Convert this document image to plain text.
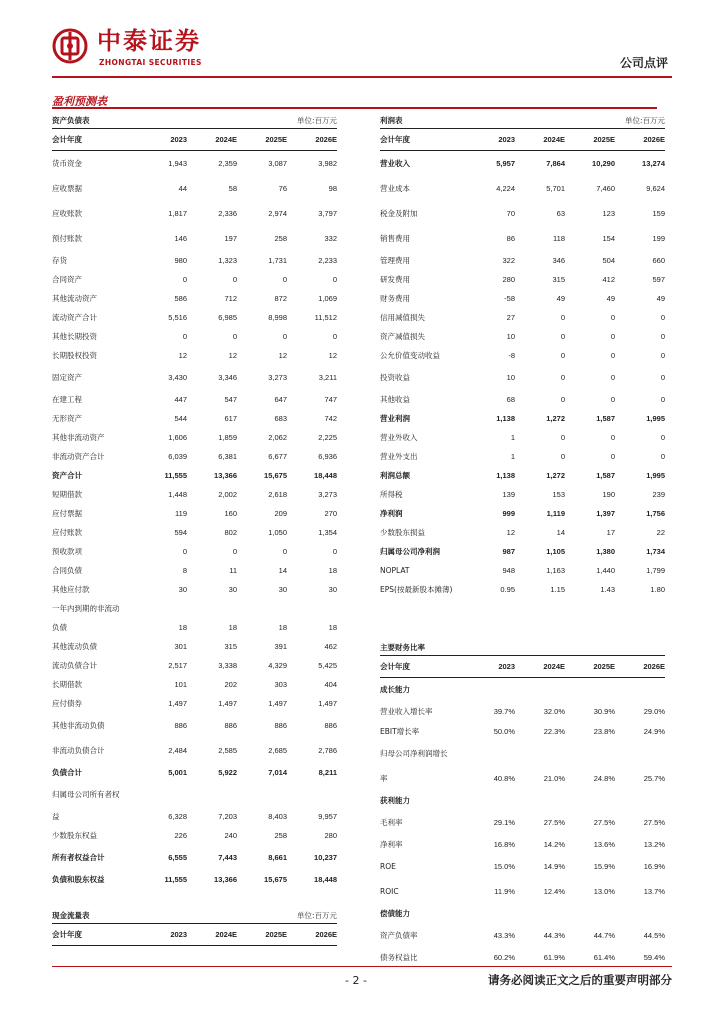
中泰证券
ZHONGTAI SECURITIES	公司点评
盈利预测表
资产负债表	单位:百万元
会计年度	2023	2024E	2025E	2026E
货币资金	1,943	2,359	3,087	3,982
应收票据	44	58	76	98
应收账款	1,817	2,336	2,974	3,797
预付账款	146	197	258	332
存货	980	1,323	1,731	2,233
合同资产	0	0	0	0
其他流动资产	586	712	872	1,069
流动资产合计	5,516	6,985	8,998	11,512
其他长期投资	0	0	0	0
长期股权投资	12	12	12	12
固定资产	3,430	3,346	3,273	3,211
在建工程	447	547	647	747
无形资产	544	617	683	742
其他非流动资产	1,606	1,859	2,062	2,225
非流动资产合计	6,039	6,381	6,677	6,936
资产合计	11,555	13,366	15,675	18,448
短期借款	1,448	2,002	2,618	3,273
应付票据	119	160	209	270
应付账款	594	802	1,050	1,354
预收款项	0	0	0	0
合同负债	8	11	14	18
其他应付款	30	30	30	30
一年内到期的非流动
负债	18	18	18	18
其他流动负债	301	315	391	462
流动负债合计	2,517	3,338	4,329	5,425
长期借款	101	202	303	404
应付债券	1,497	1,497	1,497	1,497
其他非流动负债	886	886	886	886
非流动负债合计	2,484	2,585	2,685	2,786
负债合计	5,001	5,922	7,014	8,211
归属母公司所有者权
益	6,328	7,203	8,403	9,957
少数股东权益	226	240	258	280
所有者权益合计	6,555	7,443	8,661	10,237
负债和股东权益	11,555	13,366	15,675	18,448
现金流量表	单位:百万元
会计年度	2023	2024E	2025E	2026E
利润表	单位:百万元
会计年度	2023	2024E	2025E	2026E
营业收入	5,957	7,864	10,290	13,274
营业成本	4,224	5,701	7,460	9,624
税金及附加	70	63	123	159
销售费用	86	118	154	199
管理费用	322	346	504	660
研发费用	280	315	412	597
财务费用	-58	49	49	49
信用减值损失	27	0	0	0
资产减值损失	10	0	0	0
公允价值变动收益	-8	0	0	0
投资收益	10	0	0	0
其他收益	68	0	0	0
营业利润	1,138	1,272	1,587	1,995
营业外收入	1	0	0	0
营业外支出	1	0	0	0
利润总额	1,138	1,272	1,587	1,995
所得税	139	153	190	239
净利润	999	1,119	1,397	1,756
少数股东损益	12	14	17	22
归属母公司净利润	987	1,105	1,380	1,734
NOPLAT	948	1,163	1,440	1,799
EPS(按最新股本摊薄)	0.95	1.15	1.43	1.80
主要财务比率
会计年度	2023	2024E	2025E	2026E
成长能力
营业收入增长率	39.7%	32.0%	30.9%	29.0%
EBIT增长率	50.0%	22.3%	23.8%	24.9%
归母公司净利润增长
率	40.8%	21.0%	24.8%	25.7%
获利能力
毛利率	29.1%	27.5%	27.5%	27.5%
净利率	16.8%	14.2%	13.6%	13.2%
ROE	15.0%	14.9%	15.9%	16.9%
ROIC	11.9%	12.4%	13.0%	13.7%
偿债能力
资产负债率	43.3%	44.3%	44.7%	44.5%
债务权益比	60.2%	61.9%	61.4%	59.4%
- 2 -	请务必阅读正文之后的重要声明部分
